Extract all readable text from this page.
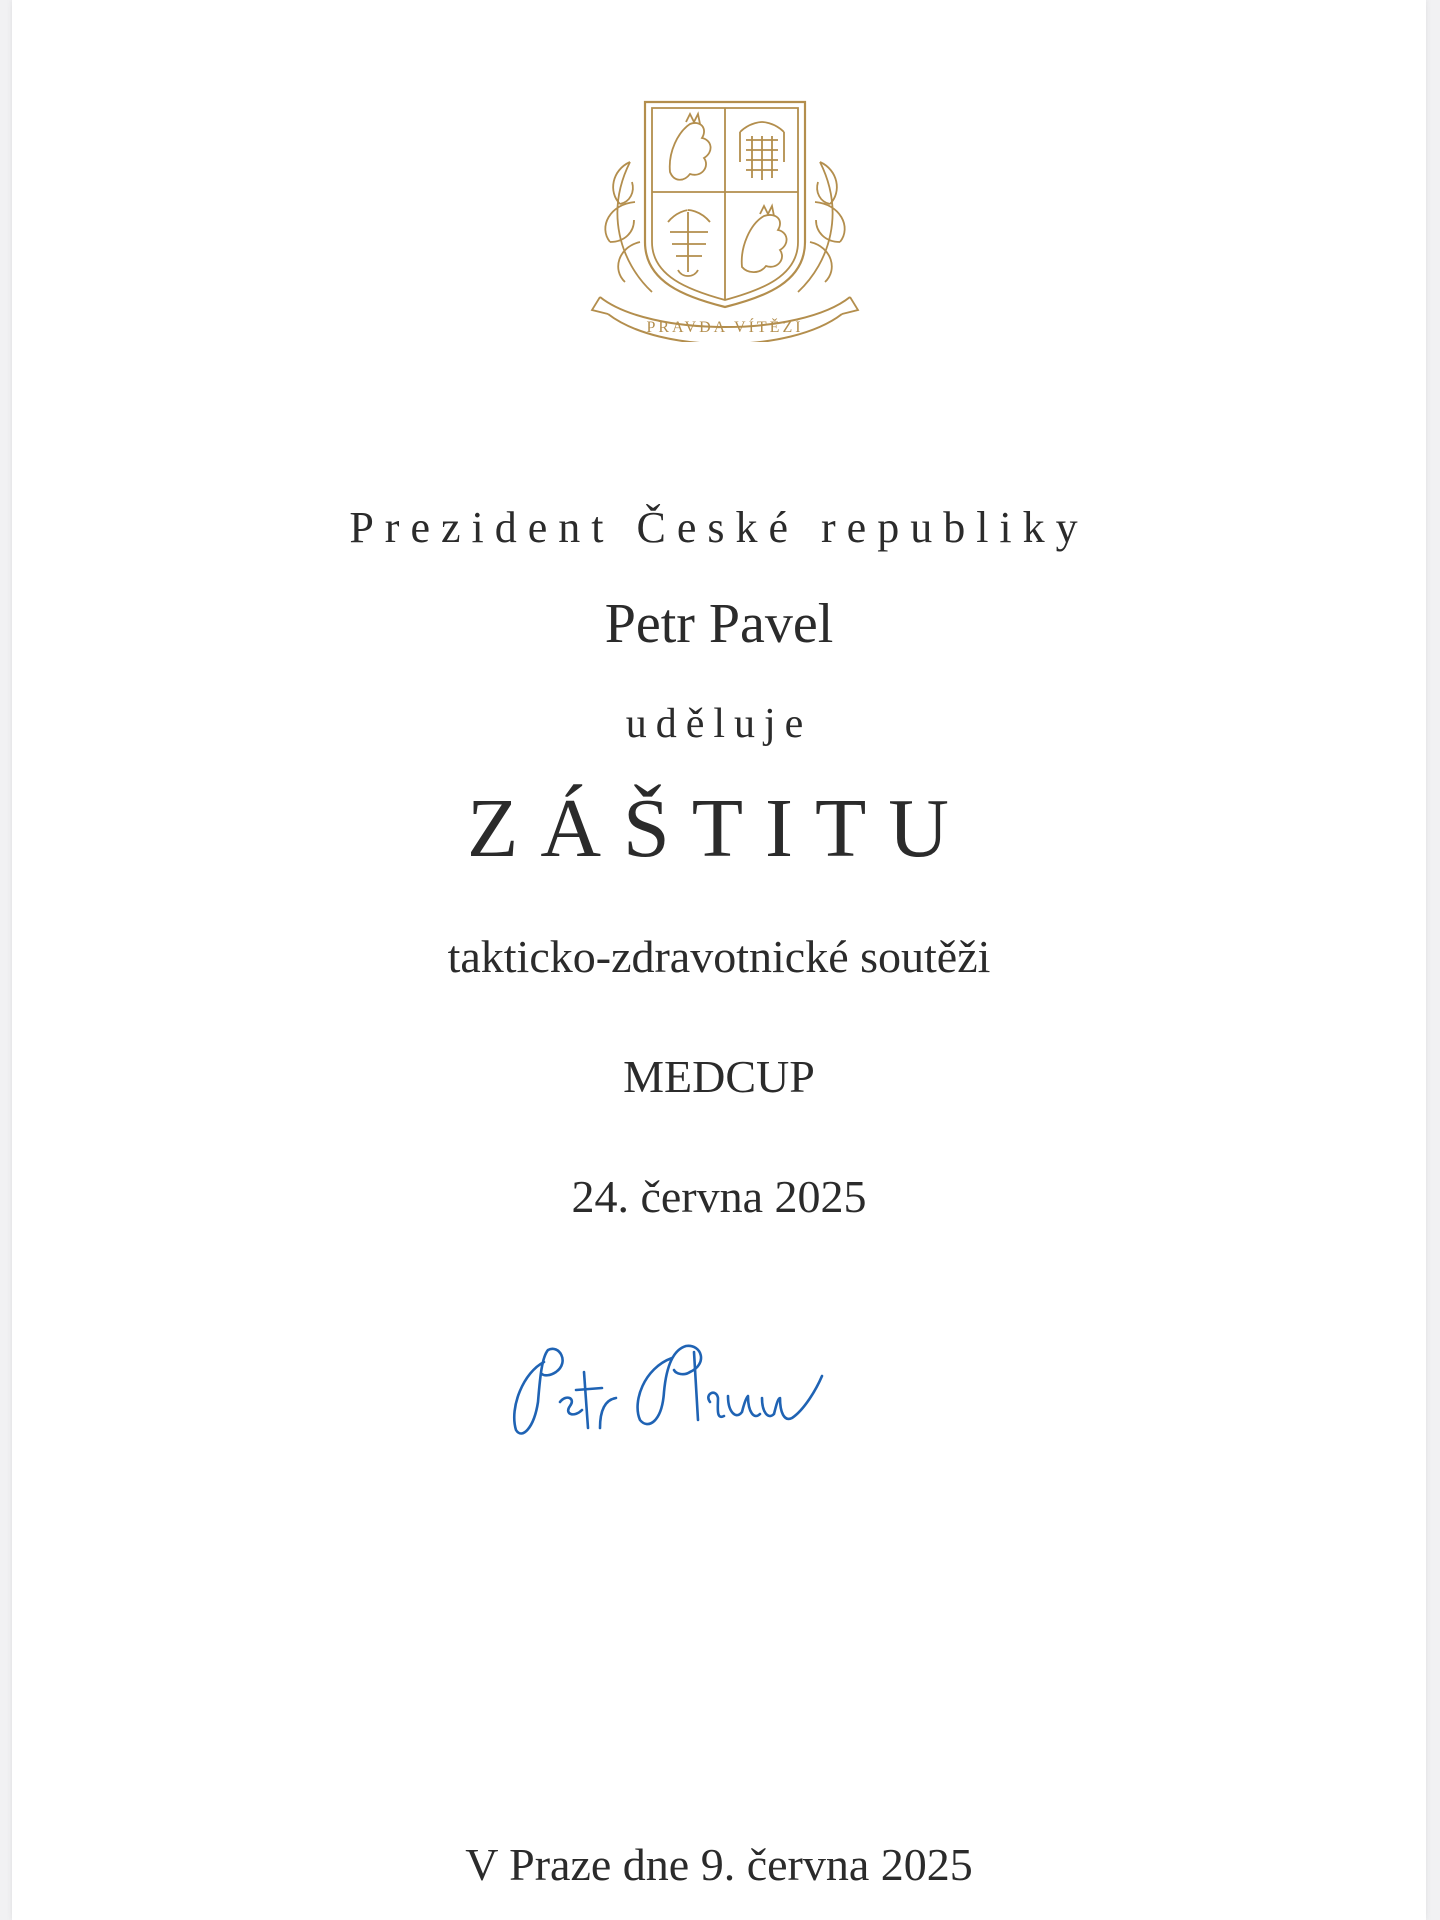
PRAVDA VÍTĚZÍ
Prezident České republiky
Petr Pavel
uděluje
ZÁŠTITU
takticko-zdravotnické soutěži
MEDCUP
24. června 2025
V Praze dne 9. června 2025
